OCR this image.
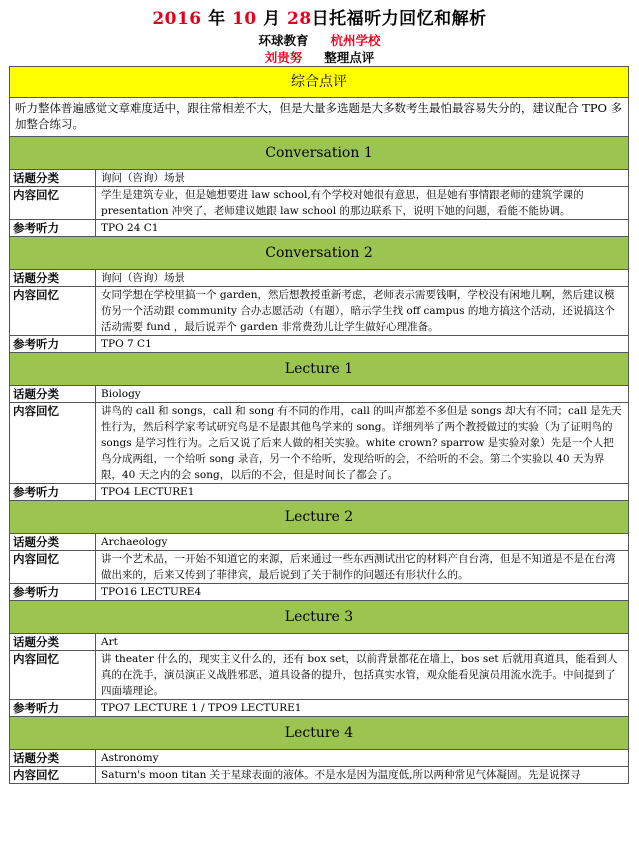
2016 年 10 月 28日托福听力回忆和解析
环球教育 杭州学校
刘贵努 整理点评
综合点评	
听力整体普遍感觉文章难度适中，跟往常相差不大，但是大量多选题是大多数考生最怕最容易失分的，建议配合 TPO 多加整合练习。	
Conversation 1	
话题分类	询问（咨询）场景
内容回忆	学生是建筑专业，但是她想要进 law school,有个学校对她很有意思，但是她有事情跟老师的建筑学课的 presentation 冲突了，老师建议她跟 law school 的那边联系下，说明下她的问题，看能不能协调。
参考听力	TPO 24 C1
Conversation 2	
话题分类	询问（咨询）场景
内容回忆	女同学想在学校里搞一个 garden，然后想教授重新考虑，老师表示需要钱啊，学校没有闲地儿啊，然后建议模仿另一个活动跟 community 合办志愿活动（有题），暗示学生找 off campus 的地方搞这个活动，还说搞这个活动需要 fund ，最后说弄个 garden 非常费劲儿让学生做好心理准备。
参考听力	TPO 7 C1
Lecture 1	
话题分类	Biology
内容回忆	讲鸟的 call 和 songs，call 和 song 有不同的作用，call 的叫声都差不多但是 songs 却大有不同；call 是先天性行为，然后科学家考试研究鸟是不是跟其他鸟学来的 song。详细列举了两个教授做过的实验（为了证明鸟的 songs 是学习性行为。之后又说了后来人做的相关实验。white crown? sparrow 是实验对象）先是一个人把鸟分成两组，一个给听 song 录音，另一个不给听，发现给听的会，不给听的不会。第二个实验以 40 天为界限，40 天之内的会 song，以后的不会，但是时间长了都会了。
参考听力	TPO4 LECTURE1
Lecture 2	
话题分类	Archaeology
内容回忆	讲一个艺术品，一开始不知道它的来源，后来通过一些东西测试出它的材料产自台湾，但是不知道是不是在台湾做出来的，后来又传到了菲律宾，最后说到了关于制作的问题还有形状什么的。
参考听力	TPO16 LECTURE4
Lecture 3	
话题分类	Art
内容回忆	讲 theater 什么的，现实主义什么的，还有 box set，以前背景都花在墙上，bos set 后就用真道具，能看到人真的在洗手，演员演正义战胜邪恶，道具设备的提升，包括真实水管，观众能看见演员用流水洗手。中间提到了四面墙理论。
参考听力	TPO7 LECTURE 1 / TPO9 LECTURE1
Lecture 4	
话题分类	Astronomy
内容回忆	Saturn's moon titan 关于星球表面的液体。不是水是因为温度低,所以两种常见气体凝固。先是说探寻
